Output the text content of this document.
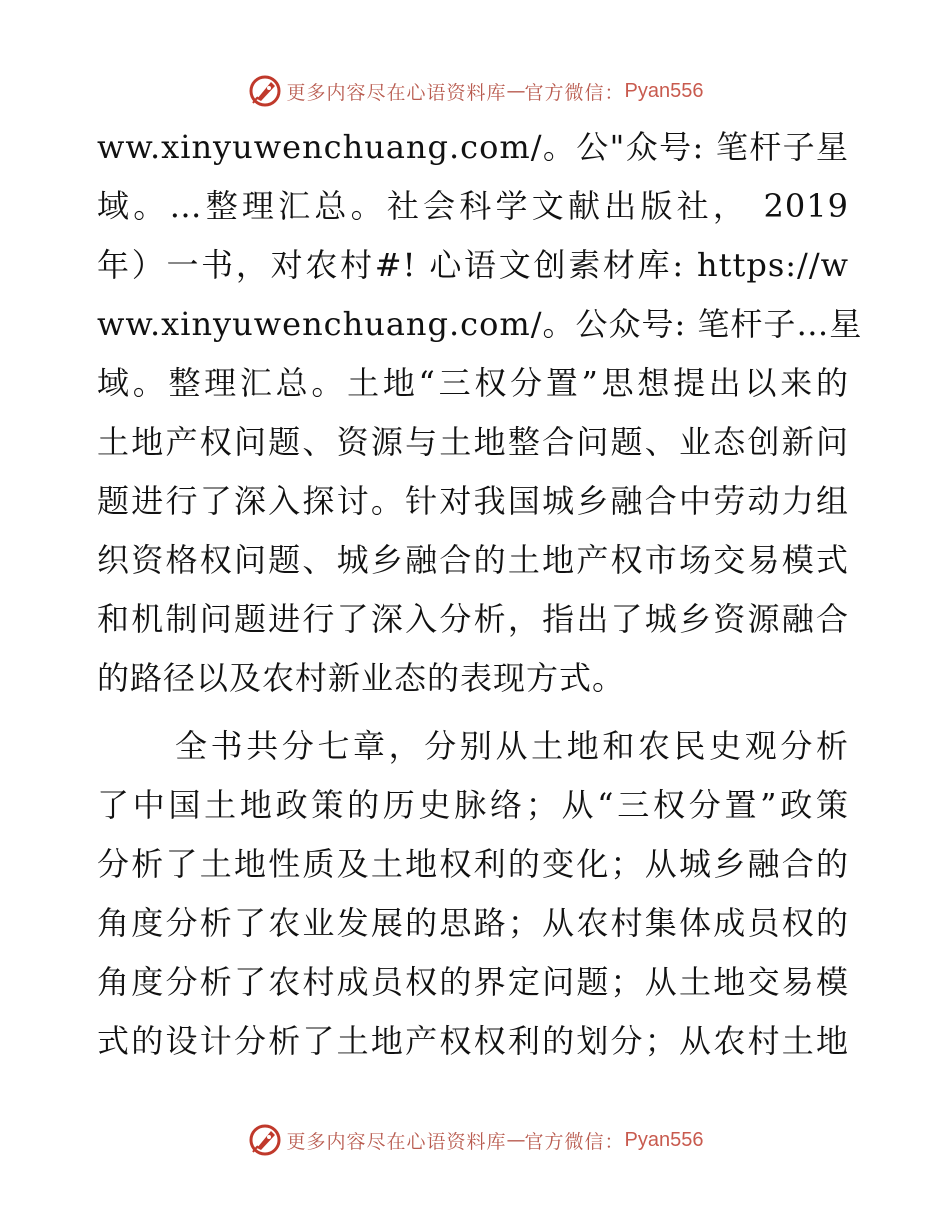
更多内容尽在心语资料库 — 官方微信： Pyan556
ww.xinyuwenchuang.com/。公"众号: 笔杆子星
域。…整理汇总。社会科学文献出版社， 2019
年）一书，对农村#! 心语文创素材库: https://w
ww.xinyuwenchuang.com/。公众号: 笔杆子…星
域。整理汇总。土地“三权分置”思想提出以来的
土地产权问题、资源与土地整合问题、业态创新问
题进行了深入探讨。针对我国城乡融合中劳动力组
织资格权问题、城乡融合的土地产权市场交易模式
和机制问题进行了深入分析，指出了城乡资源融合
的路径以及农村新业态的表现方式。
全书共分七章，分别从土地和农民史观分析
了中国土地政策的历史脉络；从“三权分置”政策
分析了土地性质及土地权利的变化；从城乡融合的
角度分析了农业发展的思路；从农村集体成员权的
角度分析了农村成员权的界定问题；从土地交易模
式的设计分析了土地产权权利的划分；从农村土地
更多内容尽在心语资料库 — 官方微信： Pyan556
